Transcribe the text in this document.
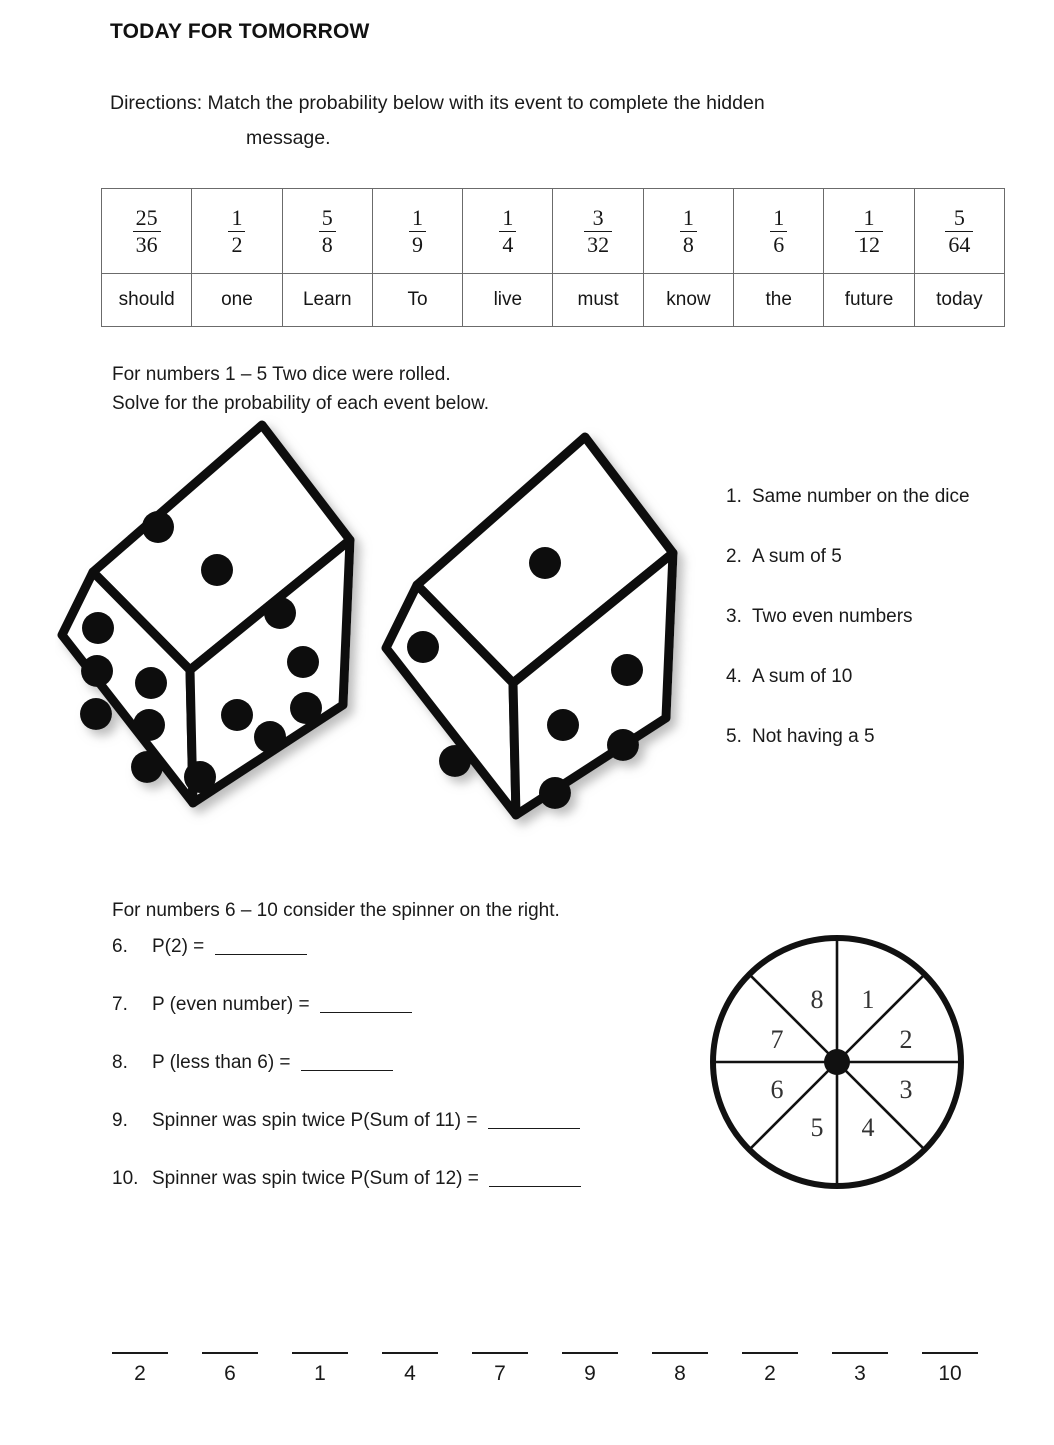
TODAY FOR TOMORROW
Directions: Match the probability below with its event to complete the hidden
message.
$\frac{25}{36}$	$\frac{1}{2}$	$\frac{5}{8}$	$\frac{1}{9}$	$\frac{1}{4}$	$\frac{3}{32}$	$\frac{1}{8}$	$\frac{1}{6}$	$\frac{1}{12}$	$\frac{5}{64}$

should	one	Learn	To	live	must	know	the	future	today
For numbers 1 – 5 Two dice were rolled.
Solve for the probability of each event below.
1. Same number on the dice
2. A sum of 5
3. Two even numbers
4. A sum of 10
5. Not having a 5
For numbers 6 – 10 consider the spinner on the right.
6. P(2) =
7. P (even number) =
8. P (less than 6) =
9. Spinner was spin twice P(Sum of 11) =
10. Spinner was spin twice P(Sum of 12) =
1
2
3
4
5
6
7
8
2	6	1	4	7	9	8	2	3	10
